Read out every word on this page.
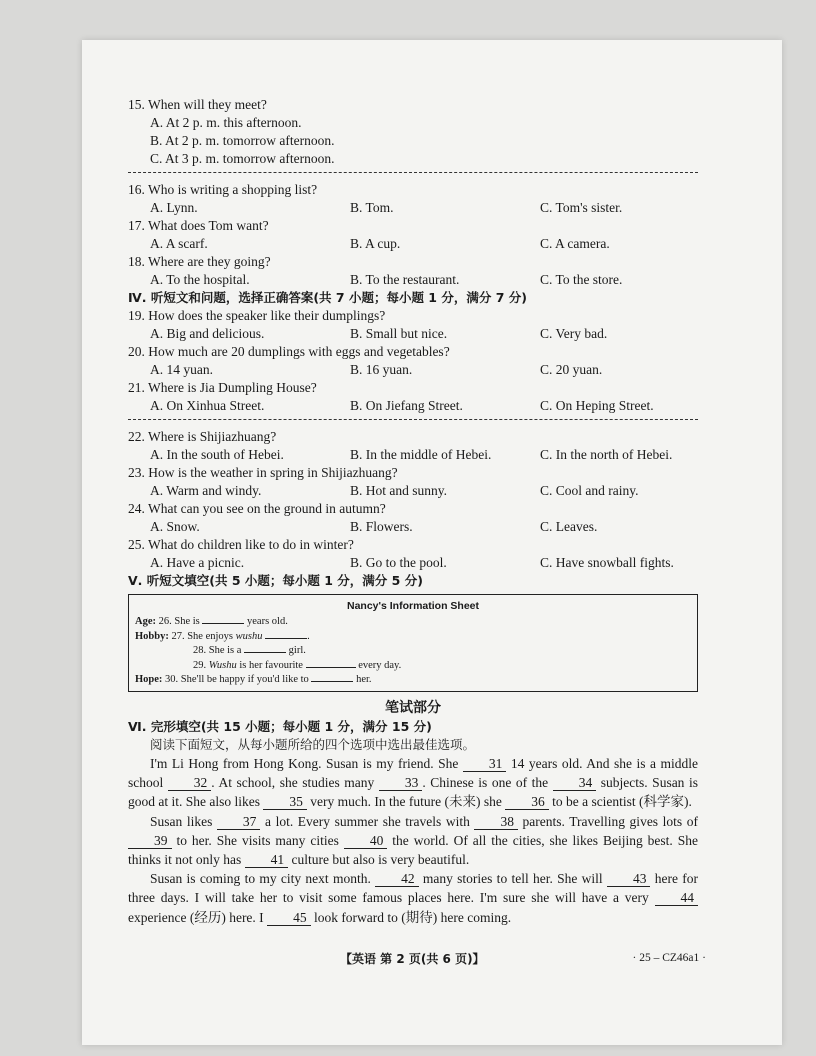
15. When will they meet?
A. At 2 p. m. this afternoon.
B. At 2 p. m. tomorrow afternoon.
C. At 3 p. m. tomorrow afternoon.
16. Who is writing a shopping list?
A. Lynn.	B. Tom.	C. Tom's sister.
17. What does Tom want?
A. A scarf.	B. A cup.	C. A camera.
18. Where are they going?
A. To the hospital.	B. To the restaurant.	C. To the store.
Ⅳ. 听短文和问题，选择正确答案(共 7 小题；每小题 1 分，满分 7 分)
19. How does the speaker like their dumplings?
A. Big and delicious.	B. Small but nice.	C. Very bad.
20. How much are 20 dumplings with eggs and vegetables?
A. 14 yuan.	B. 16 yuan.	C. 20 yuan.
21. Where is Jia Dumpling House?
A. On Xinhua Street.	B. On Jiefang Street.	C. On Heping Street.
22. Where is Shijiazhuang?
A. In the south of Hebei.	B. In the middle of Hebei.	C. In the north of Hebei.
23. How is the weather in spring in Shijiazhuang?
A. Warm and windy.	B. Hot and sunny.	C. Cool and rainy.
24. What can you see on the ground in autumn?
A. Snow.	B. Flowers.	C. Leaves.
25. What do children like to do in winter?
A. Have a picnic.	B. Go to the pool.	C. Have snowball fights.
Ⅴ. 听短文填空(共 5 小题；每小题 1 分，满分 5 分)
Nancy's Information Sheet
Age: 26. She is	years old.
Hobby: 27. She enjoys wushu	.
28. She is a	girl.
29. Wushu is her favourite	every day.
Hope: 30. She'll be happy if you'd like to	her.
笔试部分
Ⅵ. 完形填空(共 15 小题；每小题 1 分，满分 15 分)
阅读下面短文，从每小题所给的四个选项中选出最佳选项。

I'm Li Hong from Hong Kong. Susan is my friend. She 31 14 years old. And she is a middle school 32 . At school, she studies many 33 . Chinese is one of the 34 subjects. Susan is good at it. She also likes 35 very much. In the future (未来) she 36 to be a scientist (科学家).

Susan likes 37 a lot. Every summer she travels with 38 parents. Travelling gives lots of 39 to her. She visits many cities 40 the world. Of all the cities, she likes Beijing best. She thinks it not only has 41 culture but also is very beautiful.

Susan is coming to my city next month. 42 many stories to tell her. She will 43 here for three days. I will take her to visit some famous places here. I'm sure she will have a very 44 experience (经历) here. I 45 look forward to (期待) here coming.

【英语 第 2 页(共 6 页)】	· 25 – CZ46a1 ·
